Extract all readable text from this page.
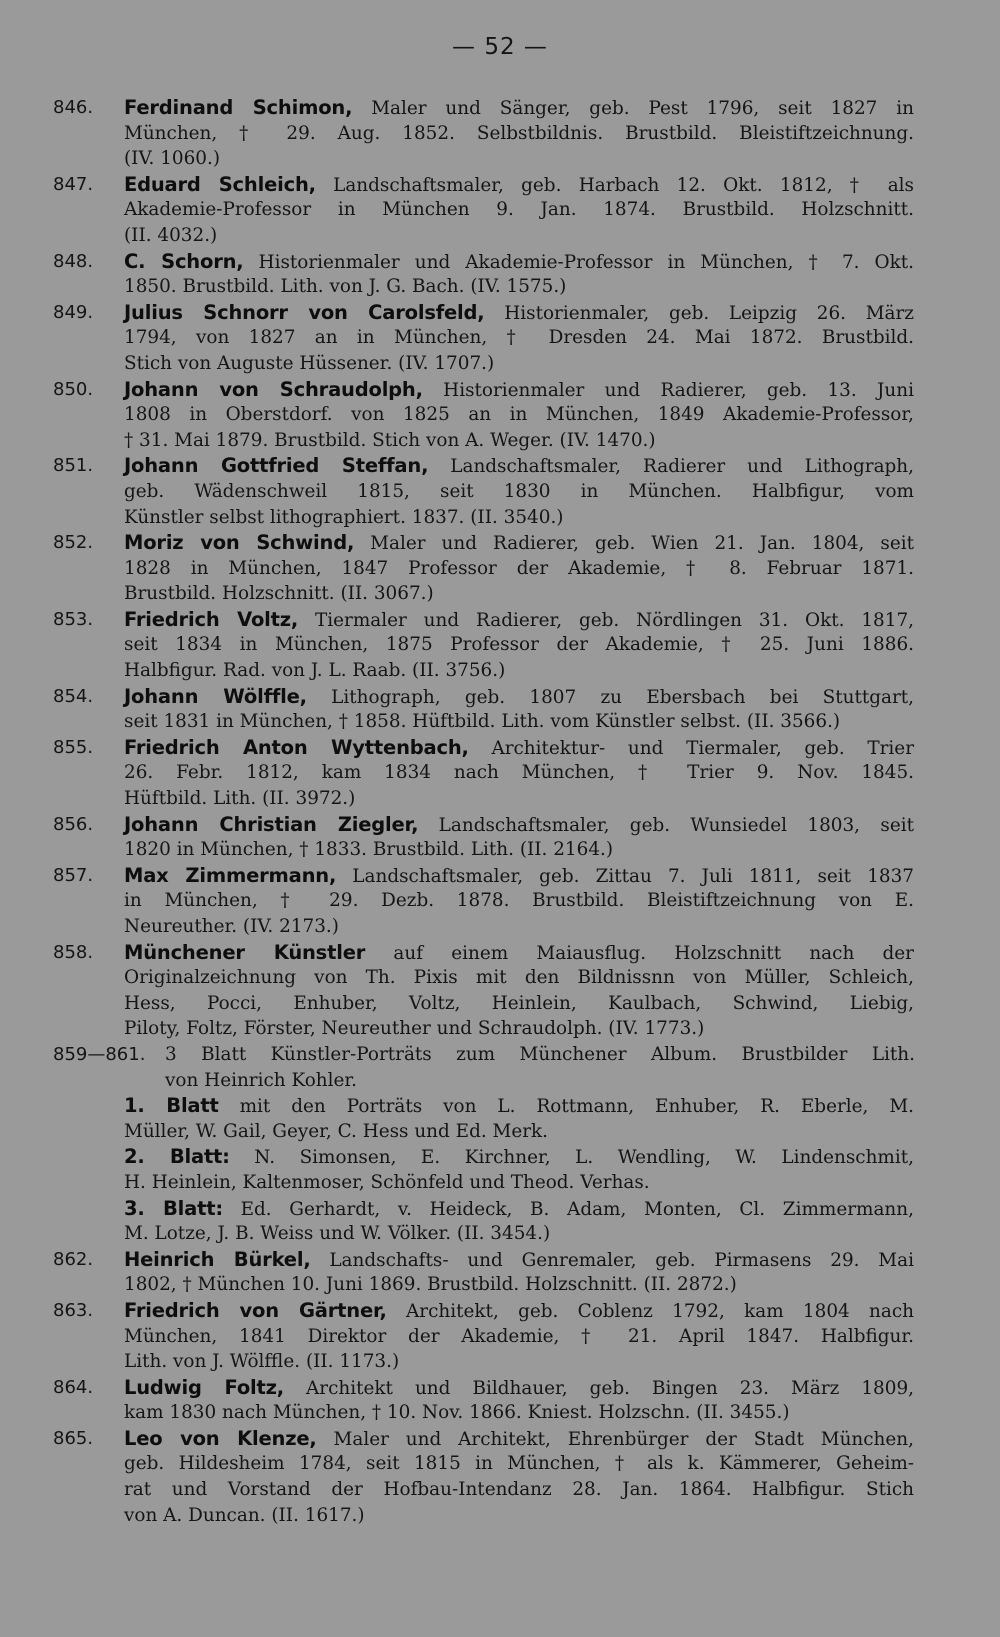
— 52 —
846. Ferdinand Schimon, Maler und Sänger, geb. Pest 1796, seit 1827 in
München, † 29. Aug. 1852. Selbstbildnis. Brustbild. Bleistiftzeichnung.
(IV. 1060.)
847. Eduard Schleich, Landschaftsmaler, geb. Harbach 12. Okt. 1812, † als
Akademie-Professor in München 9. Jan. 1874. Brustbild. Holzschnitt.
(II. 4032.)
848. C. Schorn, Historienmaler und Akademie-Professor in München, † 7. Okt.
1850. Brustbild. Lith. von J. G. Bach. (IV. 1575.)
849. Julius Schnorr von Carolsfeld, Historienmaler, geb. Leipzig 26. März
1794, von 1827 an in München, † Dresden 24. Mai 1872. Brustbild.
Stich von Auguste Hüssener. (IV. 1707.)
850. Johann von Schraudolph, Historienmaler und Radierer, geb. 13. Juni
1808 in Oberstdorf. von 1825 an in München, 1849 Akademie-Professor,
† 31. Mai 1879. Brustbild. Stich von A. Weger. (IV. 1470.)
851. Johann Gottfried Steffan, Landschaftsmaler, Radierer und Lithograph,
geb. Wädenschweil 1815, seit 1830 in München. Halbfigur, vom
Künstler selbst lithographiert. 1837. (II. 3540.)
852. Moriz von Schwind, Maler und Radierer, geb. Wien 21. Jan. 1804, seit
1828 in München, 1847 Professor der Akademie, † 8. Februar 1871.
Brustbild. Holzschnitt. (II. 3067.)
853. Friedrich Voltz, Tiermaler und Radierer, geb. Nördlingen 31. Okt. 1817,
seit 1834 in München, 1875 Professor der Akademie, † 25. Juni 1886.
Halbfigur. Rad. von J. L. Raab. (II. 3756.)
854. Johann Wölffle, Lithograph, geb. 1807 zu Ebersbach bei Stuttgart,
seit 1831 in München, † 1858. Hüftbild. Lith. vom Künstler selbst. (II. 3566.)
855. Friedrich Anton Wyttenbach, Architektur- und Tiermaler, geb. Trier
26. Febr. 1812, kam 1834 nach München, † Trier 9. Nov. 1845.
Hüftbild. Lith. (II. 3972.)
856. Johann Christian Ziegler, Landschaftsmaler, geb. Wunsiedel 1803, seit
1820 in München, † 1833. Brustbild. Lith. (II. 2164.)
857. Max Zimmermann, Landschaftsmaler, geb. Zittau 7. Juli 1811, seit 1837
in München, † 29. Dezb. 1878. Brustbild. Bleistiftzeichnung von E.
Neureuther. (IV. 2173.)
858. Münchener Künstler auf einem Maiausflug. Holzschnitt nach der
Originalzeichnung von Th. Pixis mit den Bildnissnn von Müller, Schleich,
Hess, Pocci, Enhuber, Voltz, Heinlein, Kaulbach, Schwind, Liebig,
Piloty, Foltz, Förster, Neureuther und Schraudolph. (IV. 1773.)
859—861. 3 Blatt Künstler-Porträts zum Münchener Album. Brustbilder Lith.
von Heinrich Kohler.
1. Blatt mit den Porträts von L. Rottmann, Enhuber, R. Eberle, M.
Müller, W. Gail, Geyer, C. Hess und Ed. Merk.
2. Blatt: N. Simonsen, E. Kirchner, L. Wendling, W. Lindenschmit,
H. Heinlein, Kaltenmoser, Schönfeld und Theod. Verhas.
3. Blatt: Ed. Gerhardt, v. Heideck, B. Adam, Monten, Cl. Zimmermann,
M. Lotze, J. B. Weiss und W. Völker. (II. 3454.)
862. Heinrich Bürkel, Landschafts- und Genremaler, geb. Pirmasens 29. Mai
1802, † München 10. Juni 1869. Brustbild. Holzschnitt. (II. 2872.)
863. Friedrich von Gärtner, Architekt, geb. Coblenz 1792, kam 1804 nach
München, 1841 Direktor der Akademie, † 21. April 1847. Halbfigur.
Lith. von J. Wölffle. (II. 1173.)
864. Ludwig Foltz, Architekt und Bildhauer, geb. Bingen 23. März 1809,
kam 1830 nach München, † 10. Nov. 1866. Kniest. Holzschn. (II. 3455.)
865. Leo von Klenze, Maler und Architekt, Ehrenbürger der Stadt München,
geb. Hildesheim 1784, seit 1815 in München, † als k. Kämmerer, Geheim-
rat und Vorstand der Hofbau-Intendanz 28. Jan. 1864. Halbfigur. Stich
von A. Duncan. (II. 1617.)
